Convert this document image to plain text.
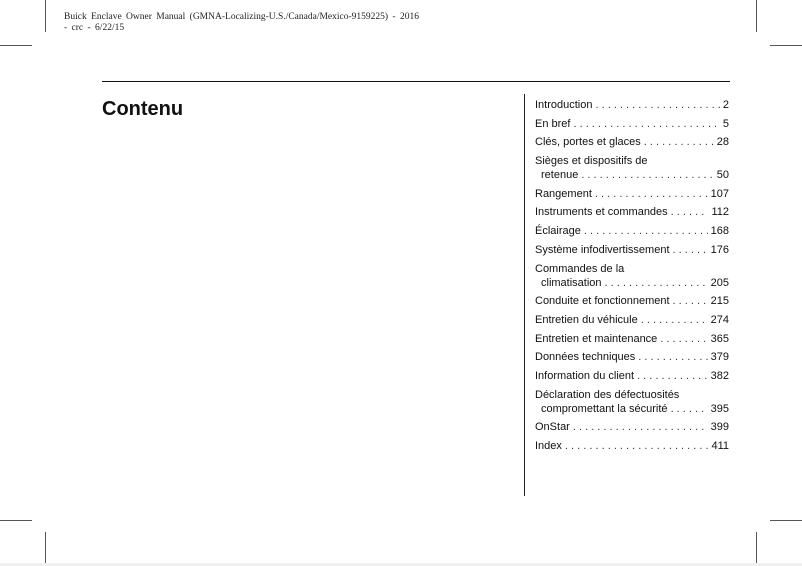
Buick Enclave Owner Manual (GMNA-Localizing-U.S./Canada/Mexico-9159225) - 2016 - crc - 6/22/15
Contenu	Introduction . . .	2
En bref . . .	5
Clés, portes et glaces . . .	28
Sièges et dispositifs de
retenue . . .	50
Rangement . . .	107
Instruments et commandes . . .	112
Éclairage . . .	168
Système infodivertissement . . .	176
Commandes de la
climatisation . . .	205
Conduite et fonctionnement . . .	215
Entretien du véhicule . . .	274
Entretien et maintenance . . .	365
Données techniques . . .	379
Information du client . . .	382
Déclaration des défectuosités
compromettant la sécurité . . .	395
OnStar . . .	399
Index . . .	411
